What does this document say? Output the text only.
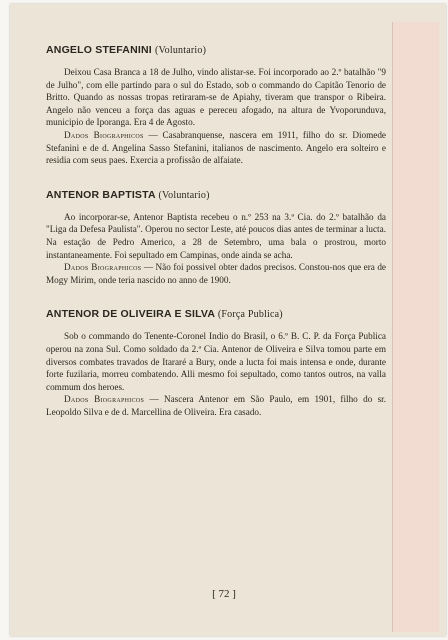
ANGELO STEFANINI (Voluntario)

Deixou Casa Branca a 18 de Julho, vindo alistar-se. Foi incorporado ao 2.º batalhão "9 de Julho", com elle partindo para o sul do Estado, sob o commando do Capitão Tenorio de Britto. Quando as nossas tropas retiraram-se de Apiahy, tiveram que transpor o Ribeira. Angelo não venceu a força das aguas e pereceu afogado, na altura de Yvoporunduva, municipio de Iporanga. Era 4 de Agosto.

Dados Biographicos — Casabranquense, nascera em 1911, filho do sr. Diomede Stefanini e de d. Angelina Sasso Stefanini, italianos de nascimento. Angelo era solteiro e residia com seus paes. Exercia a profissão de alfaiate.

ANTENOR BAPTISTA (Voluntario)

Ao incorporar-se, Antenor Baptista recebeu o n.º 253 na 3.ª Cia. do 2.º batalhão da "Liga da Defesa Paulista". Operou no sector Leste, até poucos dias antes de terminar a lucta. Na estação de Pedro Americo, a 28 de Setembro, uma bala o prostrou, morto instantaneamente. Foi sepultado em Campinas, onde ainda se acha.

Dados Biographicos — Não foi possivel obter dados precisos. Constou-nos que era de Mogy Mirim, onde teria nascido no anno de 1900.

ANTENOR DE OLIVEIRA E SILVA (Força Publica)

Sob o commando do Tenente-Coronel Indio do Brasil, o 6.º B. C. P. da Força Publica operou na zona Sul. Como soldado da 2.ª Cia. Antenor de Oliveira e Silva tomou parte em diversos combates travados de Itararé a Bury, onde a lucta foi mais intensa e onde, durante forte fuzilaria, morreu combatendo. Alli mesmo foi sepultado, como tantos outros, na valla commum dos heroes.

Dados Biographicos — Nascera Antenor em São Paulo, em 1901, filho do sr. Leopoldo Silva e de d. Marcellina de Oliveira. Era casado.

[ 72 ]
